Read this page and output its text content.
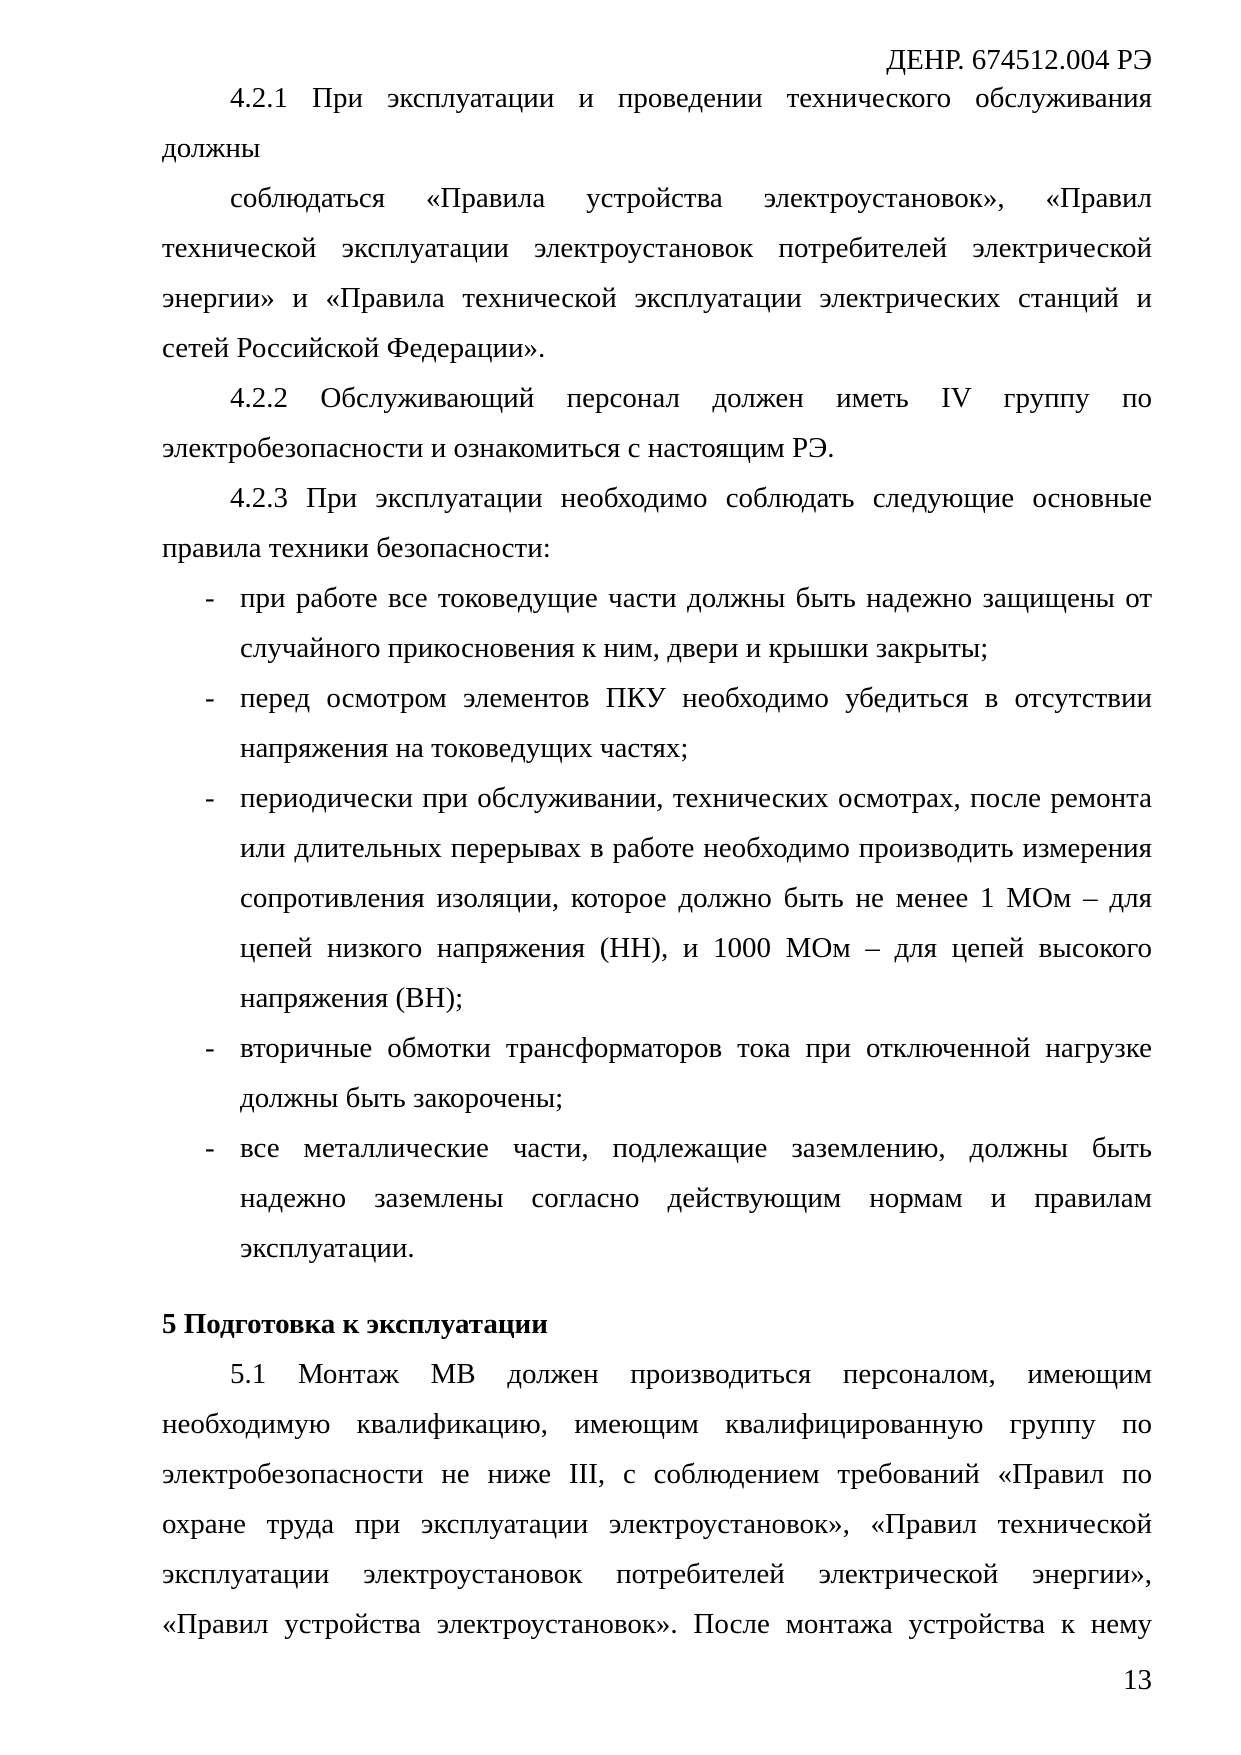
ДЕНР. 674512.004 РЭ
4.2.1 При эксплуатации и проведении технического обслуживания
должны

соблюдаться «Правила устройства электроустановок», «Правил технической эксплуатации электроустановок потребителей электрической энергии» и «Правила технической эксплуатации электрических станций и сетей Российской Федерации».

4.2.2 Обслуживающий персонал должен иметь IV группу по электробезопасности и ознакомиться с настоящим РЭ.

4.2.3 При эксплуатации необходимо соблюдать следующие основные правила техники безопасности:

- при работе все токоведущие части должны быть надежно защищены от случайного прикосновения к ним, двери и крышки закрыты;
- перед осмотром элементов ПКУ необходимо убедиться в отсутствии напряжения на токоведущих частях;
- периодически при обслуживании, технических осмотрах, после ремонта или длительных перерывах в работе необходимо производить измерения сопротивления изоляции, которое должно быть не менее 1 МОм – для цепей низкого напряжения (НН), и 1000 МОм – для цепей высокого напряжения (ВН);
- вторичные обмотки трансформаторов тока при отключенной нагрузке должны быть закорочены;
- все металлические части, подлежащие заземлению, должны быть надежно заземлены согласно действующим нормам и правилам эксплуатации.
5 Подготовка к эксплуатации

5.1 Монтаж МВ должен производиться персоналом, имеющим необходимую квалификацию, имеющим квалифицированную группу по электробезопасности не ниже III, с соблюдением требований «Правил по охране труда при эксплуатации электроустановок», «Правил технической эксплуатации электроустановок потребителей электрической энергии», «Правил устройства электроустановок». После монтажа устройства к нему

13
